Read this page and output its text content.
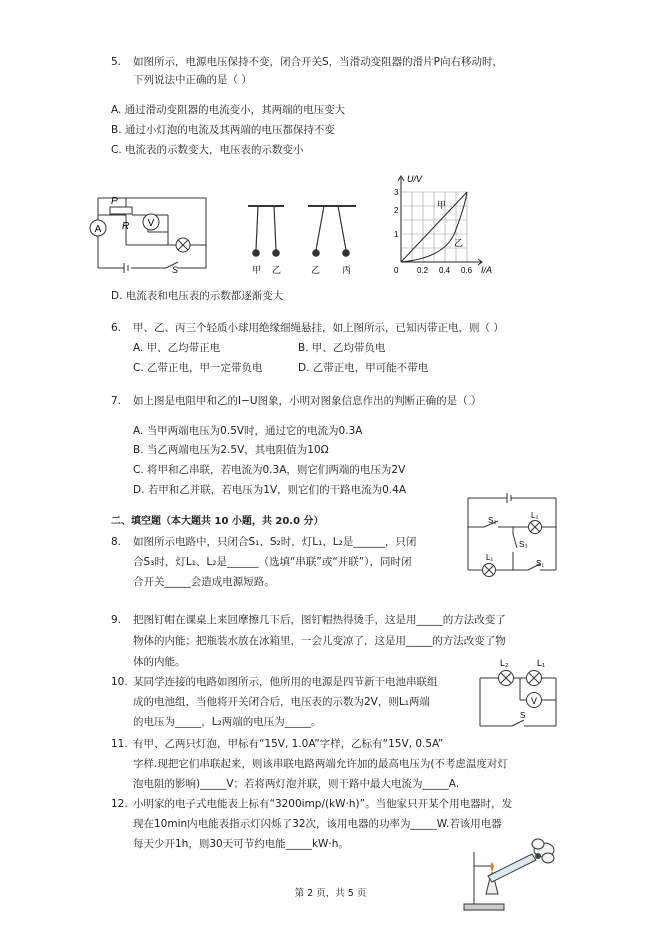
5. 如图所示，电源电压保持不变，闭合开关S，当滑动变阻器的滑片P向右移动时，
下列说法中正确的是（ ）
A. 通过滑动变阻器的电流变小，其两端的电压变大
B. 通过小灯泡的电流及其两端的电压都保持不变
C. 电流表的示数变大，电压表的示数变小
A
V
R
P
S	甲 乙	乙 丙
U/V
I/A
3
2
1
0 0.2 0.4 0.6
甲
乙
D. 电流表和电压表的示数都逐渐变大
6. 甲、乙、丙三个轻质小球用绝缘细绳悬挂，如上图所示，已知丙带正电，则（ ）
A. 甲、乙均带正电	B. 甲、乙均带负电
C. 乙带正电，甲一定带负电	D. 乙带正电，甲可能不带电
7. 如上图是电阻甲和乙的I−U图象，小明对图象信息作出的判断正确的是（ ）
A. 当甲两端电压为0.5V时，通过它的电流为0.3A
B. 当乙两端电压为2.5V，其电阻值为10Ω
C. 将甲和乙串联，若电流为0.3A，则它们两端的电压为2V
D. 若甲和乙并联，若电压为1V，则它们的干路电流为0.4A
二、填空题（本大题共 10 小题，共 20.0 分）
8. 如图所示电路中，只闭合S₁、S₂时，灯L₁、L₂是______，只闭
合S₃时，灯L₁、L₂是______（选填“串联”或“并联”），同时闭
合开关_____会造成电源短路。
S₂
L₂
S₃
L₁
S₁
9. 把图钉帽在课桌上来回摩擦几下后，图钉帽热得烫手，这是用_____的方法改变了
物体的内能；把瓶装水放在冰箱里，一会儿变凉了，这是用_____的方法改变了物
体的内能。
10. 某同学连接的电路如图所示，他所用的电源是四节新干电池串联组
成的电池组，当他将开关闭合后，电压表的示数为2V，则L₁两端
的电压为_____，L₂两端的电压为_____。
L₂	L₁
V
S
11. 有甲、乙两只灯泡，甲标有“15V, 1.0A”字样，乙标有“15V, 0.5A”
字样.现把它们串联起来，则该串联电路两端允许加的最高电压为(不考虑温度对灯
泡电阻的影响)_____V；若将两灯泡并联，则干路中最大电流为_____A.
12. 小明家的电子式电能表上标有“3200imp/(kW·h)”。当他家只开某个用电器时，发
现在10min内电能表指示灯闪烁了32次，该用电器的功率为_____W.若该用电器
每天少开1h，则30天可节约电能_____kW·h。
第 2 页，共 5 页
